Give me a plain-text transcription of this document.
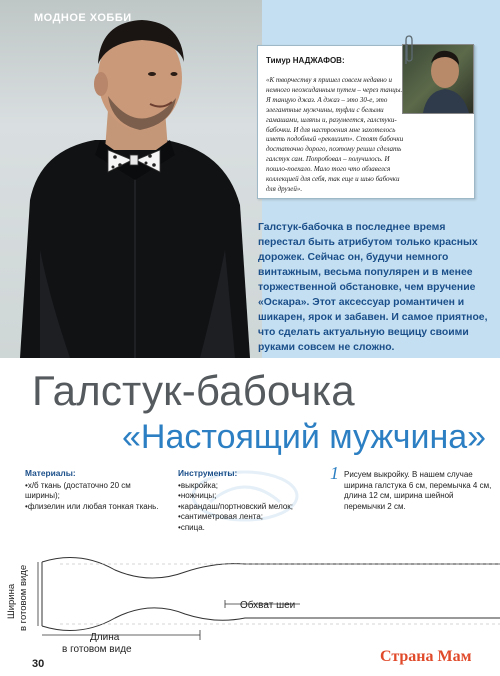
МОДНОЕ ХОББИ
Тимур НАДЖАФОВ:
«К творчеству я пришел совсем недавно и немного неожиданным путем – через танцы. Я танцую джаз. А джаз – это 30-е, это элегантные мужчины, туфли с белыми гамашами, шляпы и, разумеется, галстуки-бабочки. И для настроения мне захотелось иметь подобный «реквизит». Стоят бабочки достаточно дорого, поэтому решил сделать галстук сам. Попробовал – получилось. И пошло-поехало. Мало того что обзавелся коллекцией для себя, так еще и шью бабочки для друзей».
Галстук-бабочка в последнее время перестал быть атрибутом только красных дорожек. Сейчас он, будучи немного винтажным, весьма популярен и в менее торжественной обстановке, чем вручение «Оскара». Этот аксессуар романтичен и шикарен, ярок и забавен. И самое приятное, что сделать актуальную вещицу своими руками совсем не сложно.
Галстук-бабочка
«Настоящий мужчина»
Материалы:
• х/б ткань (достаточно 20 см ширины);
• флизелин или любая тонкая ткань.
Инструменты:
• выкройка;
• ножницы;
• карандаш/портновский мелок;
• сантиметровая лента;
• спица.
1 Рисуем выкройку. В нашем случае ширина галстука 6 см, перемычка 4 см, длина 12 см, ширина шейной перемычки 2 см.
Ширина в готовом виде	Обхват шеи
Длина
в готовом виде
30	Страна Мам
